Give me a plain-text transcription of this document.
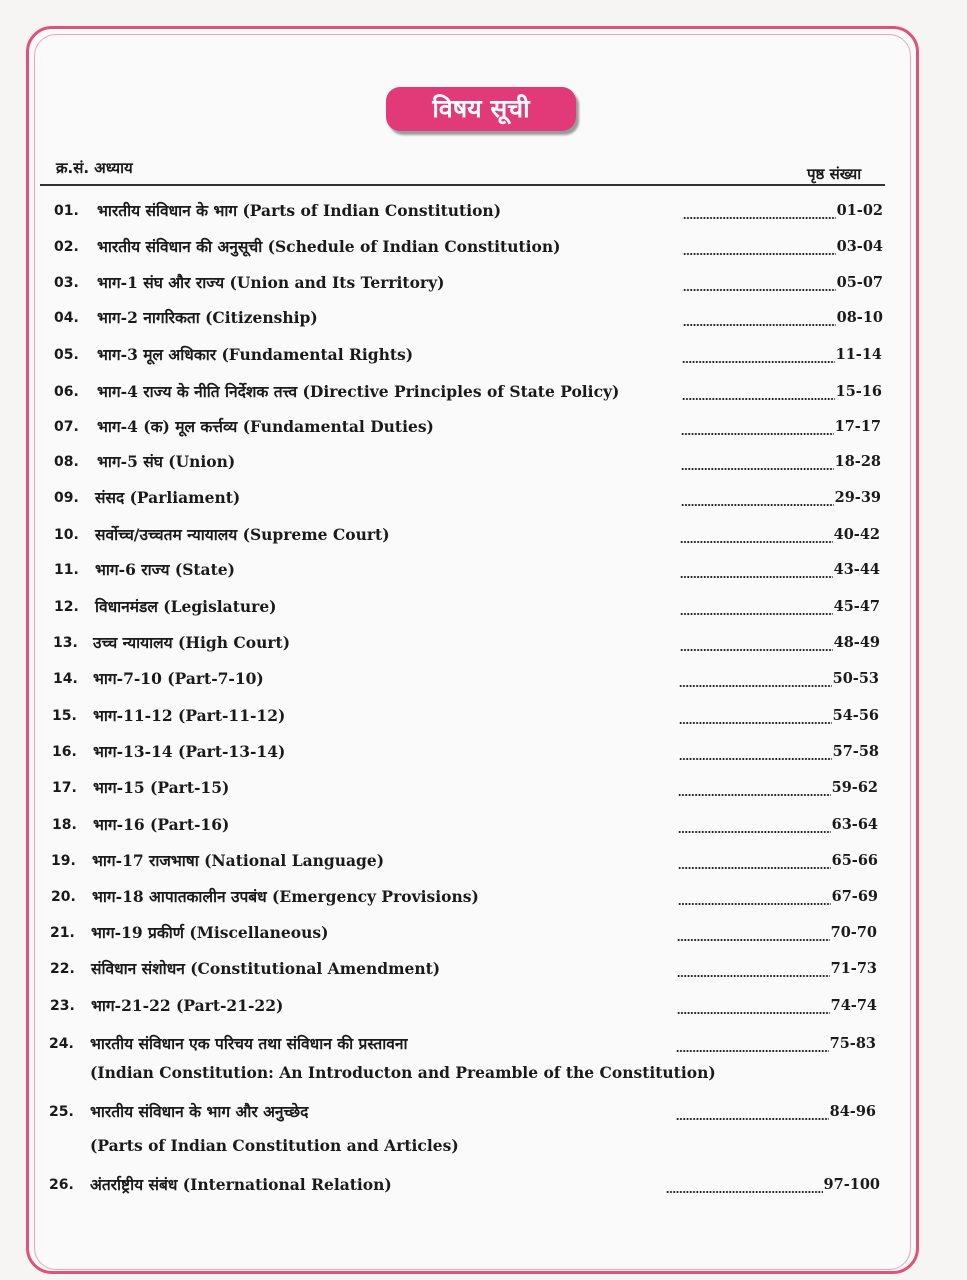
विषय सूची
क्र.सं. अध्याय	पृष्ठ संख्या
01.	भारतीय संविधान के भाग (Parts of Indian Constitution)	01-02
02.	भारतीय संविधान की अनुसूची (Schedule of Indian Constitution)	03-04
03.	भाग-1 संघ और राज्य (Union and Its Territory)	05-07
04.	भाग-2 नागरिकता (Citizenship)	08-10
05.	भाग-3 मूल अधिकार (Fundamental Rights)	11-14
06.	भाग-4 राज्य के नीति निर्देशक तत्त्व (Directive Principles of State Policy)	15-16
07.	भाग-4 (क) मूल कर्त्तव्य (Fundamental Duties)	17-17
08.	भाग-5 संघ (Union)	18-28
09.	संसद (Parliament)	29-39
10.	सर्वोच्च/उच्चतम न्यायालय (Supreme Court)	40-42
11.	भाग-6 राज्य (State)	43-44
12.	विधानमंडल (Legislature)	45-47
13. उच्च न्यायालय (High Court)	48-49
14. भाग-7-10 (Part-7-10)	50-53
15.	भाग-11-12 (Part-11-12)	54-56
16.	भाग-13-14 (Part-13-14)	57-58
17.	भाग-15 (Part-15)	59-62
18.	भाग-16 (Part-16)	63-64
19.	भाग-17 राजभाषा (National Language)	65-66
20.	भाग-18 आपातकालीन उपबंध (Emergency Provisions)	67-69
21.	भाग-19 प्रकीर्ण (Miscellaneous)	70-70
22.	संविधान संशोधन (Constitutional Amendment)	71-73
23.	भाग-21-22 (Part-21-22)	74-74
24.	भारतीय संविधान एक परिचय तथा संविधान की प्रस्तावना	75-83
(Indian Constitution: An Introducton and Preamble of the Constitution)
25.	भारतीय संविधान के भाग और अनुच्छेद	84-96
(Parts of Indian Constitution and Articles)
26.	अंतर्राष्ट्रीय संबंध (International Relation)	97-100
